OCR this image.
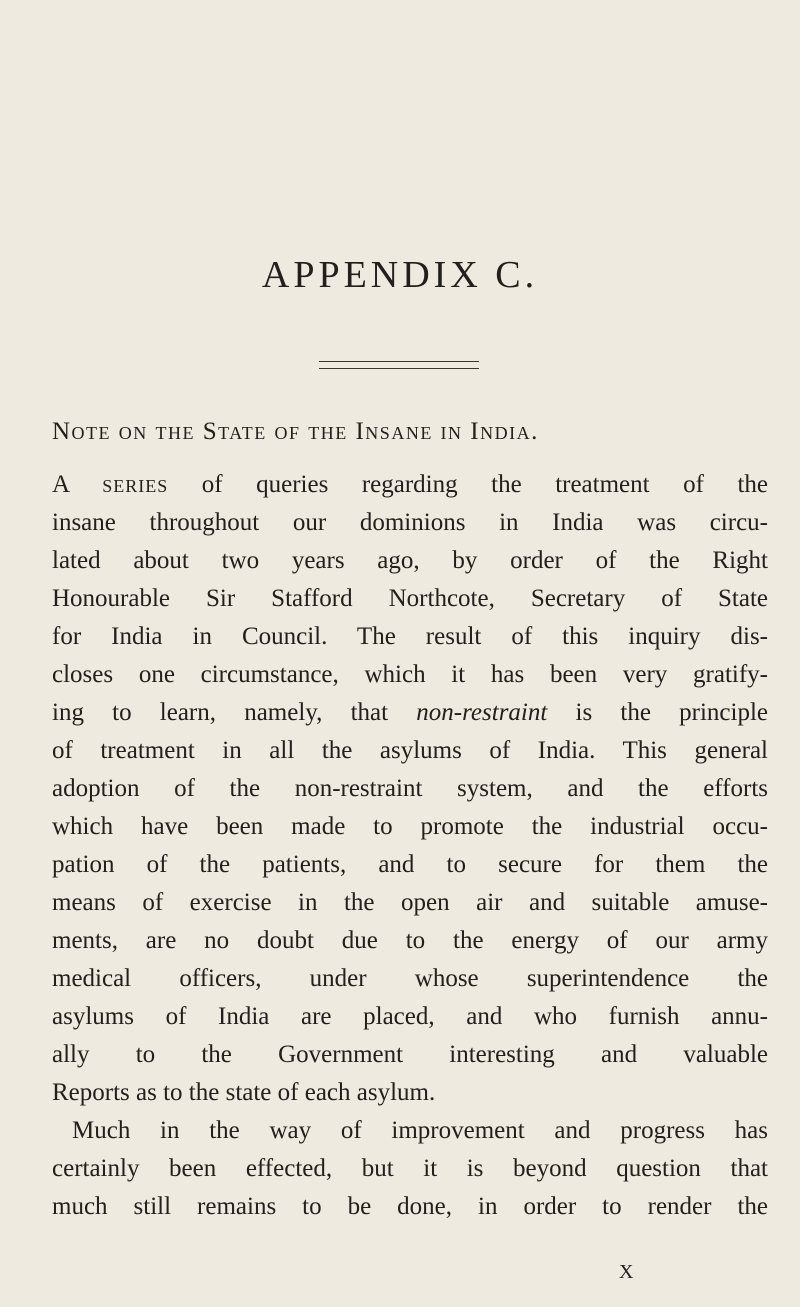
APPENDIX C.
Note on the State of the Insane in India.
A series of queries regarding the treatment of the
insane throughout our dominions in India was circu-
lated about two years ago, by order of the Right
Honourable Sir Stafford Northcote, Secretary of State
for India in Council. The result of this inquiry dis-
closes one circumstance, which it has been very gratify-
ing to learn, namely, that non-restraint is the principle
of treatment in all the asylums of India. This general
adoption of the non-restraint system, and the efforts
which have been made to promote the industrial occu-
pation of the patients, and to secure for them the
means of exercise in the open air and suitable amuse-
ments, are no doubt due to the energy of our army
medical officers, under whose superintendence the
asylums of India are placed, and who furnish annu-
ally to the Government interesting and valuable
Reports as to the state of each asylum.
Much in the way of improvement and progress has
certainly been effected, but it is beyond question that
much still remains to be done, in order to render the
X
